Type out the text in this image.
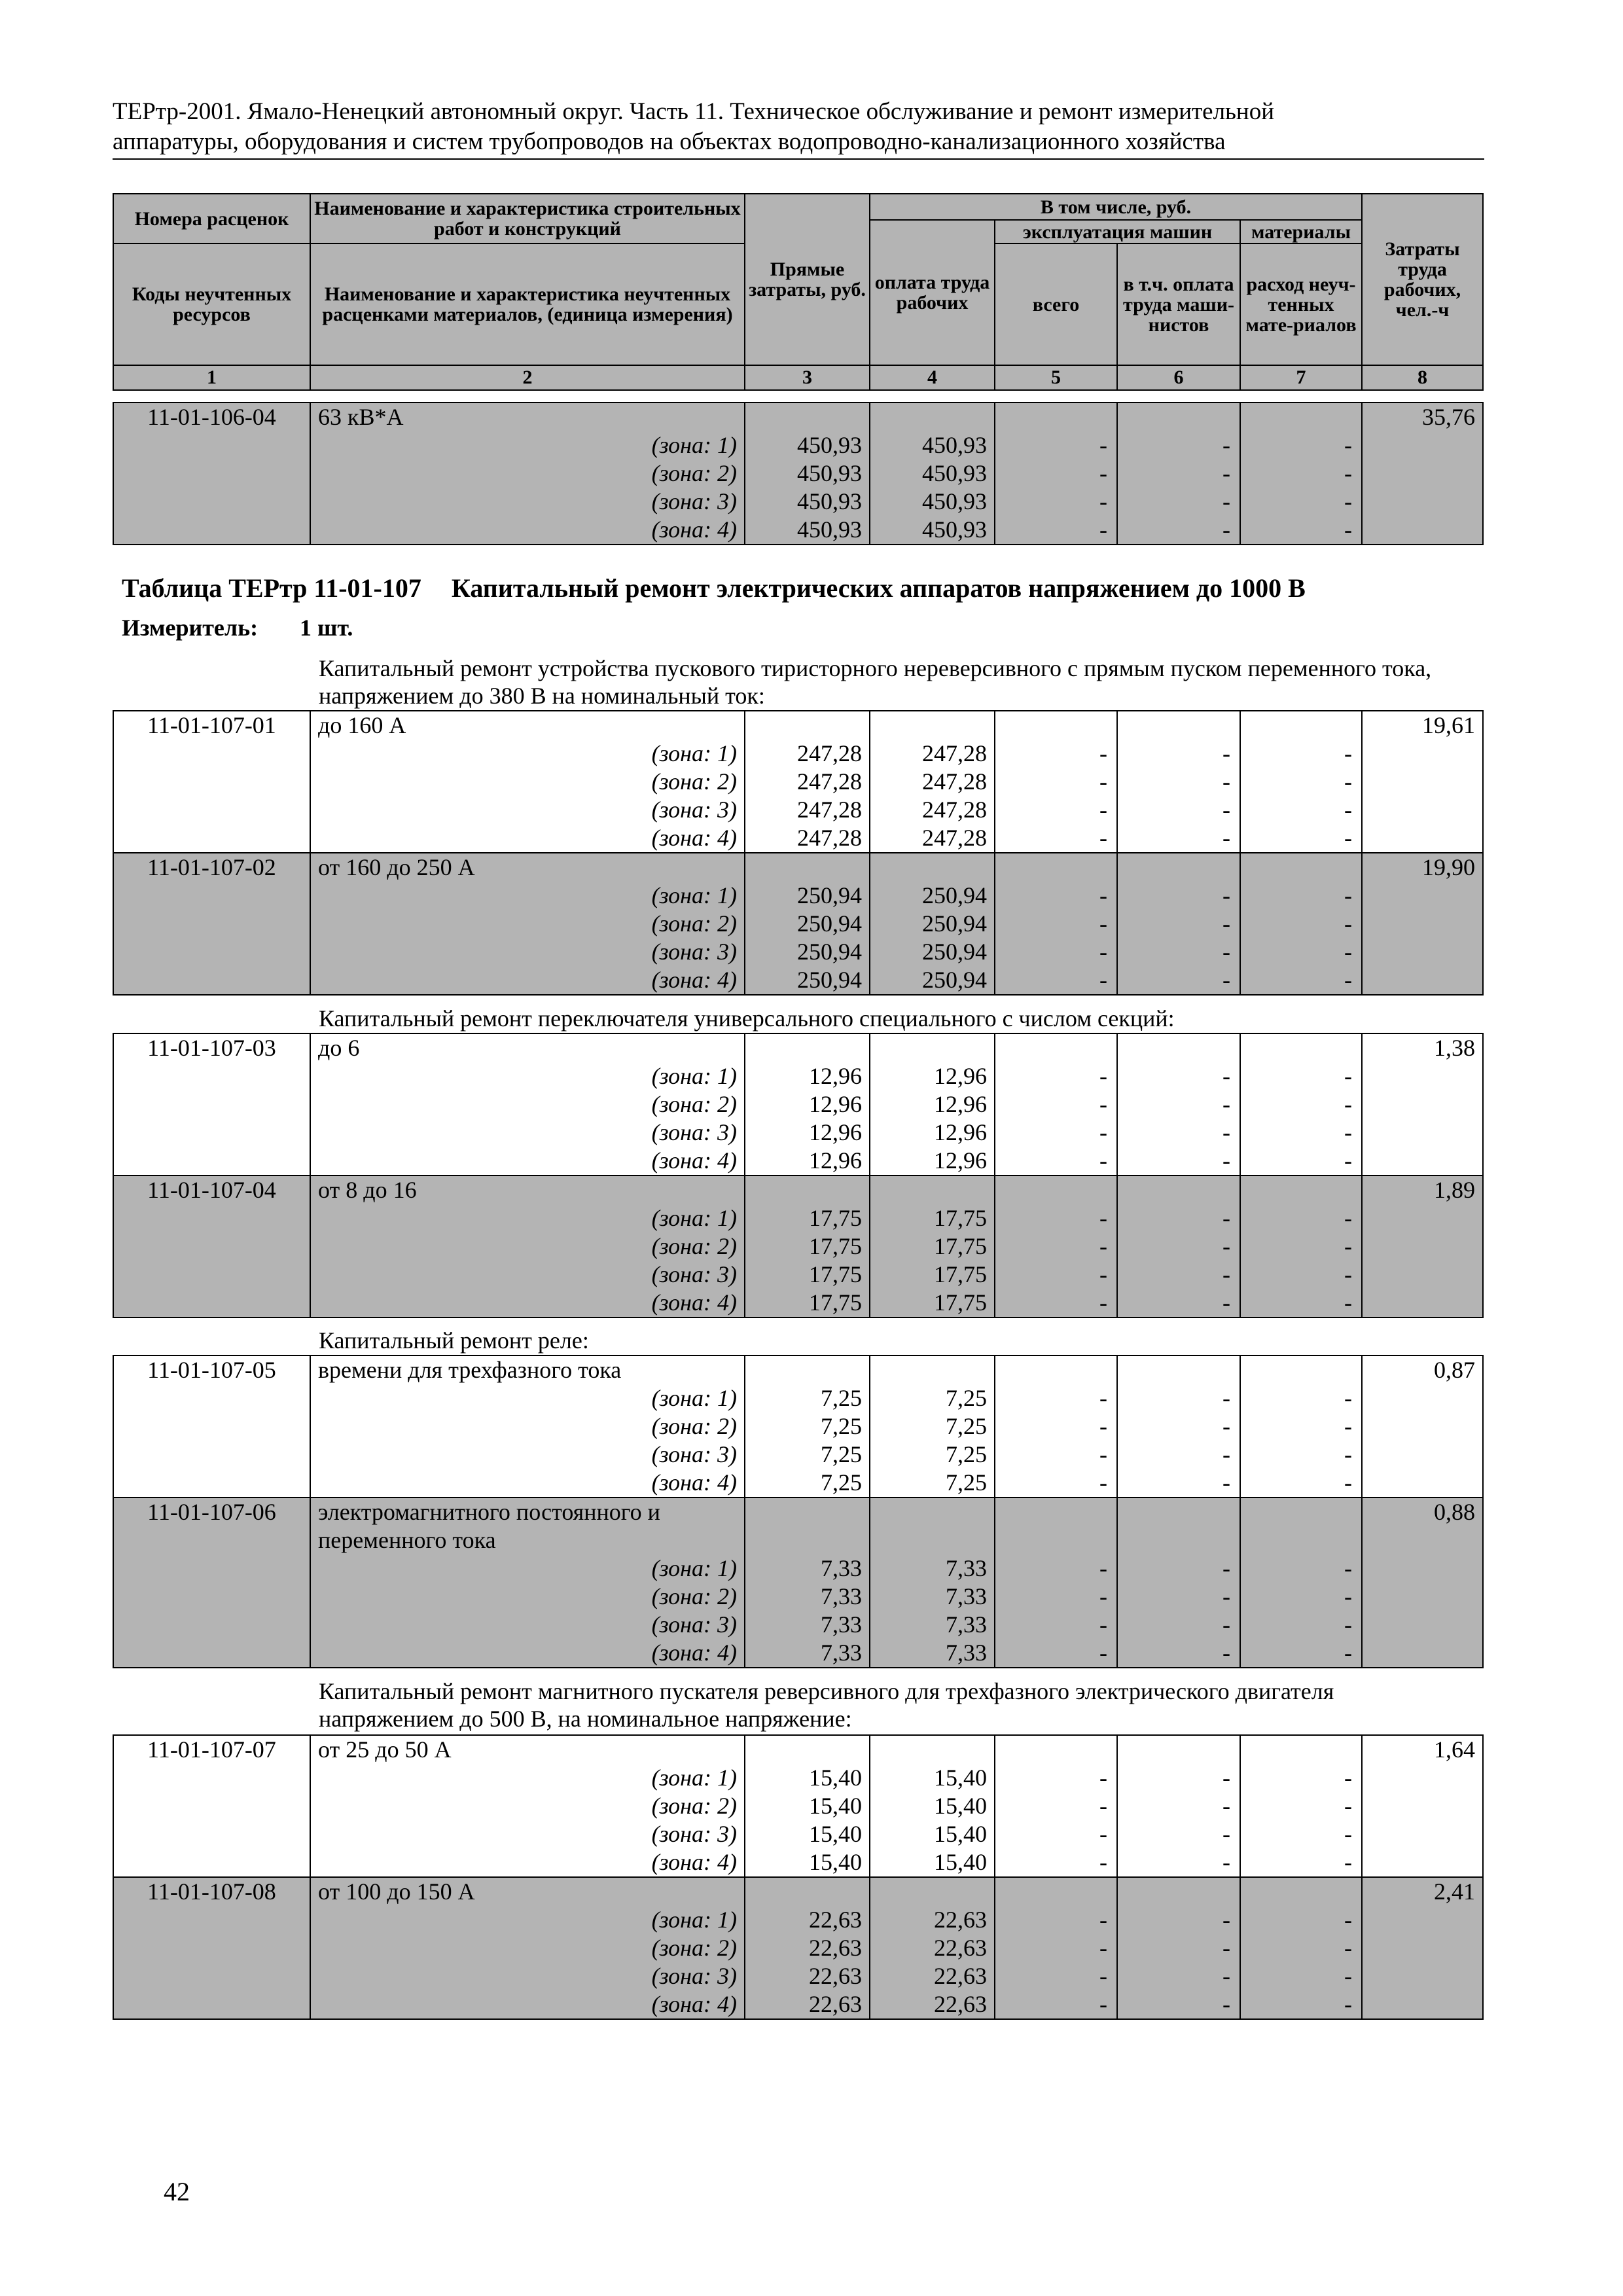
ТЕРтр-2001. Ямало-Ненецкий автономный округ. Часть 11. Техническое обслуживание и ремонт измерительной
аппаратуры, оборудования и систем трубопроводов на объектах водопроводно-канализационного хозяйства
Номера расценок	Наименование и характеристика строительных работ и конструкций	Прямые затраты, руб.	В том числе, руб.				Затраты труда рабочих, чел.-ч
			оплата труда рабочих	эксплуатация машин		материалы	
Коды неучтенных ресурсов	Наименование и характеристика неучтенных расценками материалов, (единица измерения)			всего	в т.ч. оплата труда маши-нистов	расход неуч-тенных мате-риалов	

1	2	3	4	5	6	7	8
11-01-106-04	63 кВ*А						35,76
	(зона: 1)	450,93	450,93	-	-	-	
	(зона: 2)	450,93	450,93	-	-	-	
	(зона: 3)	450,93	450,93	-	-	-	
	(зона: 4)	450,93	450,93	-	-	-	
Таблица ТЕРтр 11-01-107 Капитальный ремонт электрических аппаратов напряжением до 1000 В
Измеритель: 1 шт.
Капитальный ремонт устройства пускового тиристорного нереверсивного с прямым пуском переменного тока, напряжением до 380 В на номинальный ток:
11-01-107-01	до 160 А						19,61
	(зона: 1)	247,28	247,28	-	-	-	
	(зона: 2)	247,28	247,28	-	-	-	
	(зона: 3)	247,28	247,28	-	-	-	
	(зона: 4)	247,28	247,28	-	-	-	
11-01-107-02	от 160 до 250 А						19,90
	(зона: 1)	250,94	250,94	-	-	-	
	(зона: 2)	250,94	250,94	-	-	-	
	(зона: 3)	250,94	250,94	-	-	-	
	(зона: 4)	250,94	250,94	-	-	-	
Капитальный ремонт переключателя универсального специального с числом секций:
11-01-107-03	до 6						1,38
	(зона: 1)	12,96	12,96	-	-	-	
	(зона: 2)	12,96	12,96	-	-	-	
	(зона: 3)	12,96	12,96	-	-	-	
	(зона: 4)	12,96	12,96	-	-	-	
11-01-107-04	от 8 до 16						1,89
	(зона: 1)	17,75	17,75	-	-	-	
	(зона: 2)	17,75	17,75	-	-	-	
	(зона: 3)	17,75	17,75	-	-	-	
	(зона: 4)	17,75	17,75	-	-	-	
Капитальный ремонт реле:
11-01-107-05	времени для трехфазного тока						0,87
	(зона: 1)	7,25	7,25	-	-	-	
	(зона: 2)	7,25	7,25	-	-	-	
	(зона: 3)	7,25	7,25	-	-	-	
	(зона: 4)	7,25	7,25	-	-	-	
11-01-107-06	электромагнитного постоянного и						0,88
	переменного тока						
	(зона: 1)	7,33	7,33	-	-	-	
	(зона: 2)	7,33	7,33	-	-	-	
	(зона: 3)	7,33	7,33	-	-	-	
	(зона: 4)	7,33	7,33	-	-	-	
Капитальный ремонт магнитного пускателя реверсивного для трехфазного электрического двигателя напряжением до 500 В, на номинальное напряжение:
11-01-107-07	от 25 до 50 А						1,64
	(зона: 1)	15,40	15,40	-	-	-	
	(зона: 2)	15,40	15,40	-	-	-	
	(зона: 3)	15,40	15,40	-	-	-	
	(зона: 4)	15,40	15,40	-	-	-	
11-01-107-08	от 100 до 150 А						2,41
	(зона: 1)	22,63	22,63	-	-	-	
	(зона: 2)	22,63	22,63	-	-	-	
	(зона: 3)	22,63	22,63	-	-	-	
	(зона: 4)	22,63	22,63	-	-	-	
42
